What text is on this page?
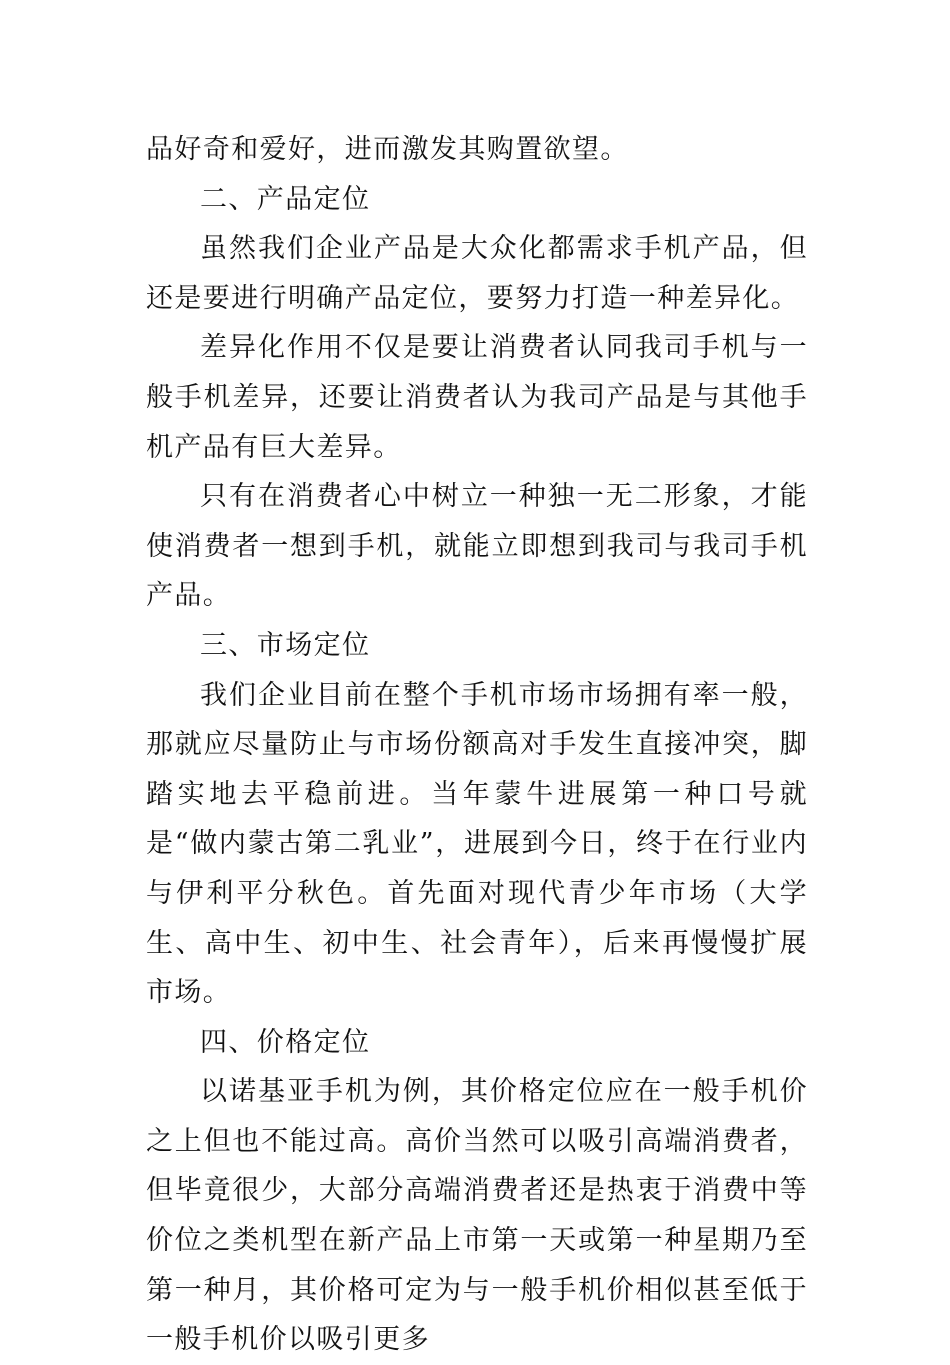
品好奇和爱好，进而激发其购置欲望。

二、产品定位

虽然我们企业产品是大众化都需求手机产品，但还是要进行明确产品定位，要努力打造一种差异化。

差异化作用不仅是要让消费者认同我司手机与一般手机差异，还要让消费者认为我司产品是与其他手机产品有巨大差异。

只有在消费者心中树立一种独一无二形象，才能使消费者一想到手机，就能立即想到我司与我司手机产品。

三、市场定位

我们企业目前在整个手机市场市场拥有率一般，那就应尽量防止与市场份额高对手发生直接冲突，脚踏实地去平稳前进。当年蒙牛进展第一种口号就是“做内蒙古第二乳业”，进展到今日，终于在行业内与伊利平分秋色。首先面对现代青少年市场（大学生、高中生、初中生、社会青年），后来再慢慢扩展市场。

四、价格定位

以诺基亚手机为例，其价格定位应在一般手机价之上但也不能过高。高价当然可以吸引高端消费者，但毕竟很少，大部分高端消费者还是热衷于消费中等价位之类机型在新产品上市第一天或第一种星期乃至第一种月，其价格可定为与一般手机价相似甚至低于一般手机价以吸引更多
